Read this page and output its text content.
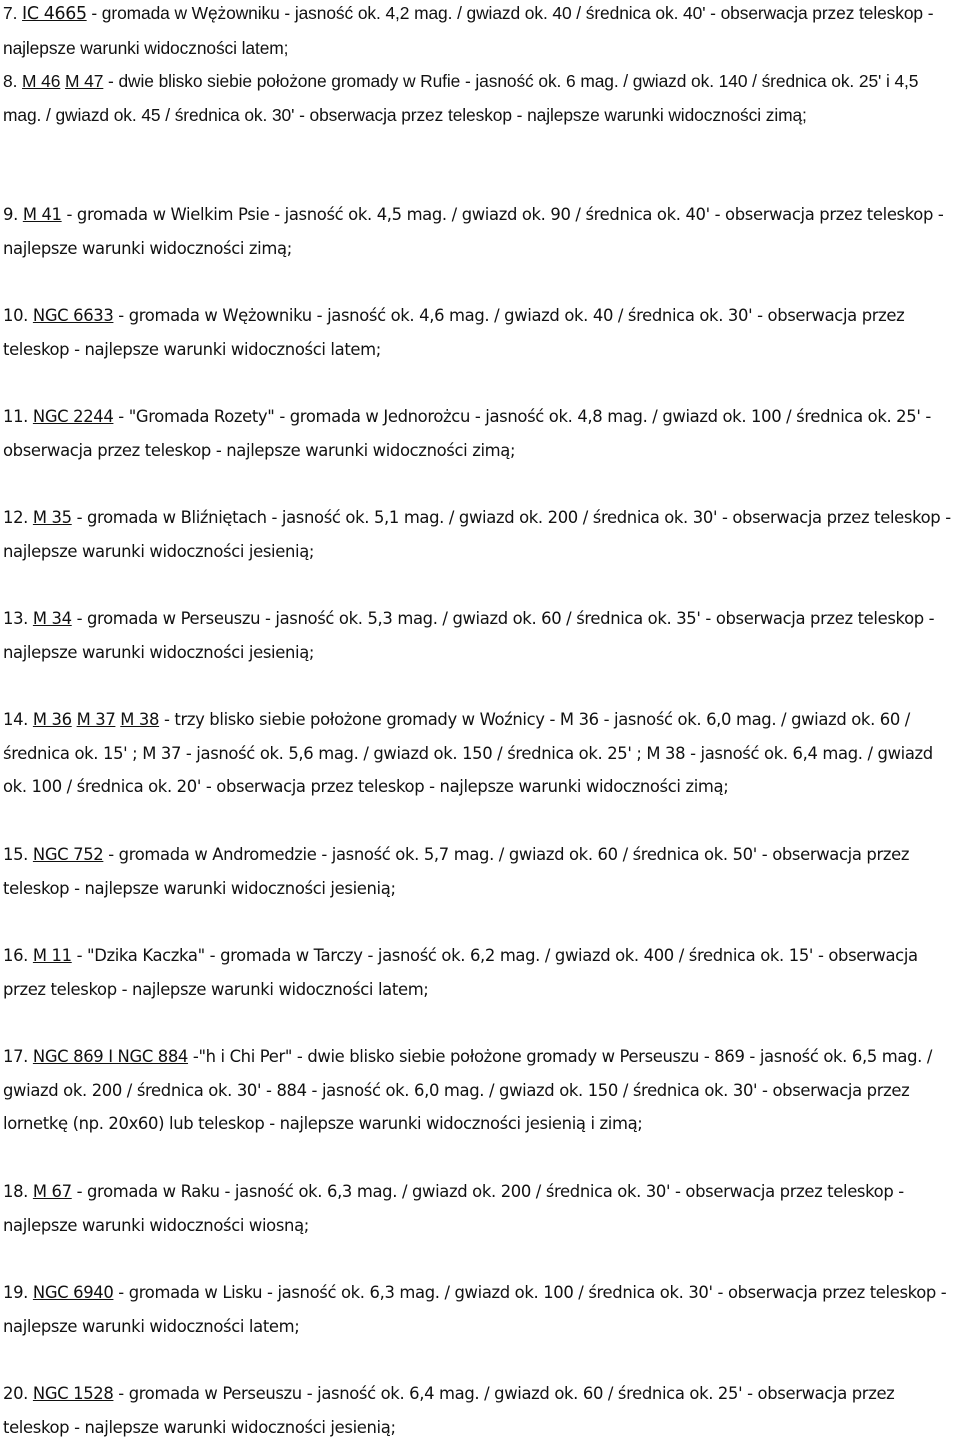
7. IC 4665 - gromada w Wężowniku - jasność ok. 4,2 mag. / gwiazd ok. 40 / średnica ok. 40' - obserwacja przez teleskop - najlepsze warunki widoczności latem;

8. M 46 M 47 - dwie blisko siebie położone gromady w Rufie - jasność ok. 6 mag. / gwiazd ok. 140 / średnica ok. 25' i 4,5 mag. / gwiazd ok. 45 / średnica ok. 30' - obserwacja przez teleskop - najlepsze warunki widoczności zimą;

9. M 41 - gromada w Wielkim Psie - jasność ok. 4,5 mag. / gwiazd ok. 90 / średnica ok. 40' - obserwacja przez teleskop - najlepsze warunki widoczności zimą;

10. NGC 6633 - gromada w Wężowniku - jasność ok. 4,6 mag. / gwiazd ok. 40 / średnica ok. 30' - obserwacja przez teleskop - najlepsze warunki widoczności latem;

11. NGC 2244 - "Gromada Rozety" - gromada w Jednorożcu - jasność ok. 4,8 mag. / gwiazd ok. 100 / średnica ok. 25' - obserwacja przez teleskop - najlepsze warunki widoczności zimą;

12. M 35 - gromada w Bliźniętach - jasność ok. 5,1 mag. / gwiazd ok. 200 / średnica ok. 30' - obserwacja przez teleskop - najlepsze warunki widoczności jesienią;

13. M 34 - gromada w Perseuszu - jasność ok. 5,3 mag. / gwiazd ok. 60 / średnica ok. 35' - obserwacja przez teleskop - najlepsze warunki widoczności jesienią;

14. M 36 M 37 M 38 - trzy blisko siebie położone gromady w Woźnicy - M 36 - jasność ok. 6,0 mag. / gwiazd ok. 60 / średnica ok. 15' ; M 37 - jasność ok. 5,6 mag. / gwiazd ok. 150 / średnica ok. 25' ; M 38 - jasność ok. 6,4 mag. / gwiazd ok. 100 / średnica ok. 20' - obserwacja przez teleskop - najlepsze warunki widoczności zimą;

15. NGC 752 - gromada w Andromedzie - jasność ok. 5,7 mag. / gwiazd ok. 60 / średnica ok. 50' - obserwacja przez teleskop - najlepsze warunki widoczności jesienią;

16. M 11 - "Dzika Kaczka" - gromada w Tarczy - jasność ok. 6,2 mag. / gwiazd ok. 400 / średnica ok. 15' - obserwacja przez teleskop - najlepsze warunki widoczności latem;

17. NGC 869 I NGC 884 -"h i Chi Per" - dwie blisko siebie położone gromady w Perseuszu - 869 - jasność ok. 6,5 mag. / gwiazd ok. 200 / średnica ok. 30' - 884 - jasność ok. 6,0 mag. / gwiazd ok. 150 / średnica ok. 30' - obserwacja przez lornetkę (np. 20x60) lub teleskop - najlepsze warunki widoczności jesienią i zimą;

18. M 67 - gromada w Raku - jasność ok. 6,3 mag. / gwiazd ok. 200 / średnica ok. 30' - obserwacja przez teleskop - najlepsze warunki widoczności wiosną;

19. NGC 6940 - gromada w Lisku - jasność ok. 6,3 mag. / gwiazd ok. 100 / średnica ok. 30' - obserwacja przez teleskop - najlepsze warunki widoczności latem;

20. NGC 1528 - gromada w Perseuszu - jasność ok. 6,4 mag. / gwiazd ok. 60 / średnica ok. 25' - obserwacja przez teleskop - najlepsze warunki widoczności jesienią;
